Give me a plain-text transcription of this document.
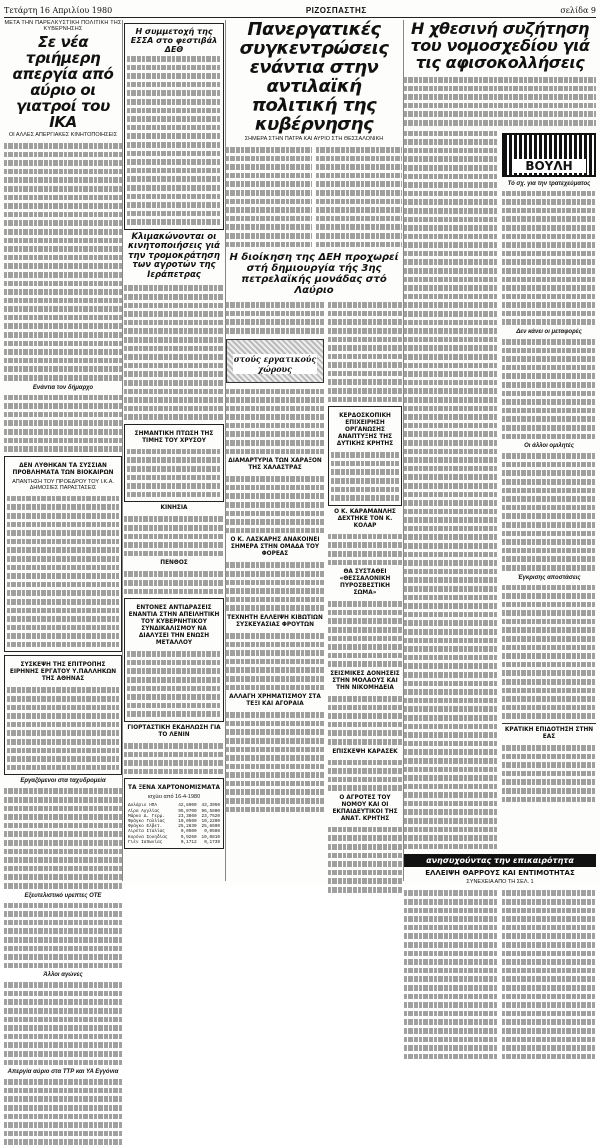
Τετάρτη 16 Απριλίου 1980	ΡΙΖΟΣΠΑΣΤΗΣ	σελίδα 9
ΜΕΤΑ ΤΗΝ ΠΑΡΕΛΚΥΣΤΙΚΗ ΠΟΛΙΤΙΚΗ ΤΗΣ ΚΥΒΕΡΝΗΣΗΣ
Σε νέα τριήμερη απεργία από αύριο οι γιατροί του ΙΚΑ
ΟΙ ΑΛΛΕΣ ΑΠΕΡΓΙΑΚΕΣ ΚΙΝΗΤΟΠΟΙΗΣΕΙΣ
Ενάντια τον δήμαρχο
ΔΕΝ ΛΥΘΗΚΑΝ ΤΑ ΣΥΣΣΙΑΝ ΠΡΟΒΛΗΜΑΤΑ ΤΩΝ ΒΙΟΚΑΙΡΩΝ
ΑΠΑΝΤΗΣΗ ΤΟΥ ΠΡΟΕΔΡΟΥ ΤΟΥ Ι.Κ.Α. ΔΗΜΟΣΙΕΣ ΠΑΡΑΣΤΑΣΕΙΣ
ΣΥΣΚΕΨΗ ΤΗΣ ΕΠΙΤΡΟΠΗΣ ΕΙΡΗΝΗΣ ΕΡΓΑΤΟΥ Υ.ΠΑΛΛΗΚΩΝ ΤΗΣ ΑΘΗΝΑΣ
Εργαζόμενοι στα ταχυδρομεία
Εξευτελιστικό υρεπτες ΟΤΕ
Άλλοι αγώνες
Απεργία αύριο στα ΤΤΡ και ΥΑ Εγγόνια
Η συμμετοχή της ΕΣΣΑ στο φεστιβάλ ΔΕΘ
Κλιμακώνονται οι κινητοποιήσεις γιά την τρομοκράτηση των αγροτών της Ιεράπετρας
ΣΗΜΑΝΤΙΚΗ ΠΤΩΣΗ ΤΗΣ ΤΙΜΗΣ ΤΟΥ ΧΡΥΣΟΥ
ΚΙΝΗΣΙΑ
ΠΕΝΘΟΣ
ΕΝΤΟΝΕΣ ΑΝΤΙΔΡΑΣΕΙΣ ΕΝΑΝΤΙΑ ΣΤΗΝ ΑΠΕΙΛΗΤΙΚΗ ΤΟΥ ΚΥΒΕΡΝΗΤΙΚΟΥ ΣΥΝΔΙΚΑΛΙΣΜΟΥ ΝΑ ΔΙΑΛΥΣΕΙ ΤΗΝ ΕΝΩΣΗ ΜΕΤΑΛΛΟΥ
ΓΙΟΡΤΑΣΤΙΚΗ ΕΚΔΗΛΩΣΗ ΓΙΑ ΤΟ ΛΕΝΙΝ
ΤΑ ΞΕΝΑ ΧΑΡΤΟΝΟΜΙΣΜΑΤΑ
ισχύει από 16-4-1980
Δολάριο ΗΠΑ	42,6900	43,3950
Λίρα Αγγλίας	95,0700	96,5800
Μάρκο Δ. Γερμ.	23,3860	23,7520
Φράγκο Γαλλίας	10,0560	10,2200
Φράγκο Ελβετ.	25,2830	25,6690
Λιρέτα Ιταλίας	0,0500	0,0508
Κορόνα Σουηδίας	9,9260	10,0810
Γιέν Ιαπωνίας	0,1712	0,1739
Πανεργατικές συγκεντρώσεις ενάντια στην αντιλαϊκή πολιτική της κυβέρνησης
ΣΗΜΕΡΑ ΣΤΗΝ ΠΑΤΡΑ ΚΑΙ ΑΥΡΙΟ ΣΤΗ ΘΕΣΣΑΛΟΝΙΚΗ
Η διοίκηση της ΔΕΗ προχωρεί στή δημιουργία τής 3ης πετρελαϊκής μονάδας στό Λαύριο
στούς εργατικούς χώρους
ΔΙΑΜΑΡΤΥΡΙΑ ΤΩΝ ΧΑΡΑΞΟΝ ΤΗΣ ΧΑΛΑΣΤΡΑΣ
Ο Κ. ΛΑΣΚΑΡΗΣ ΑΝΑΚΟΙΝΕΙ ΣΗΜΕΡΑ ΣΤΗΝ ΟΜΑΔΑ ΤΟΥ ΦΟΡΕΑΣ
ΤΕΧΝΗΤΗ ΕΛΛΕΙΨΗ ΚΙΒΩΤΙΩΝ ΣΥΣΚΕΥΑΣΙΑΣ ΦΡΟΥΤΩΝ
ΑΛΛΑΓΗ ΧΡΗΜΑΤΙΣΜΟΥ ΣΤΑ ΤΕΞΙ ΚΑΙ ΑΓΟΡΑΙΑ
ΚΕΡΔΟΣΚΟΠΙΚΗ ΕΠΙΧΕΙΡΗΣΗ ΟΡΓΑΝΩΣΗΣ ΑΝΑΠΤΥΞΗΣ ΤΗΣ ΔΥΤΙΚΗΣ ΚΡΗΤΗΣ
Ο Κ. ΚΑΡΑΜΑΝΛΗΣ ΔΕΧΤΗΚΕ ΤΟΝ Κ. ΚΟΛΑΡ
ΘΑ ΣΥΣΤΑΘΕΙ «ΘΕΣΣΑΛΟΝΙΚΗ ΠΥΡΟΣΒΕΣΤΙΚΗ ΣΩΜΑ»
ΣΕΙΣΜΙΚΕΣ ΔΟΝΗΣΕΙΣ ΣΤΗΝ ΜΟΛΑΟΥΣ ΚΑΙ ΤΗΝ ΝΙΚΟΜΗΔΕΙΑ
ΕΠΙΣΚΕΨΗ ΚΑΡΑΣΕΚ
Ο ΑΓΡΟΤΕΣ ΤΟΥ ΝΟΜΟΥ ΚΑΙ ΟΙ ΕΚΠΑΙΔΕΥΤΙΚΟΙ ΤΗΣ ΑΝΑΤ. ΚΡΗΤΗΣ
Η χθεσινή συζήτηση του νομοσχεδίου γιά τις αφισοκολλήσεις
ΒΟΥΛΗ
Τό σχ. για την τρατεχεύματος
Δεν κάνει οι μεταφορές
Οι άλλοι ομιλητές
Έγκρισης αποστάσεις
ΚΡΑΤΙΚΗ ΕΠΙΔΟΤΗΣΗ ΣΤΗΝ ΕΑΣ
ανησυχούντας την επικαιρότητα
ΕΛΛΕΙΨΗ ΘΑΡΡΟΥΣ ΚΑΙ ΕΝΤΙΜΟΤΗΤΑΣ
ΣΥΝΕΧΕΙΑ ΑΠΟ ΤΗ ΣΕΛ. 1
